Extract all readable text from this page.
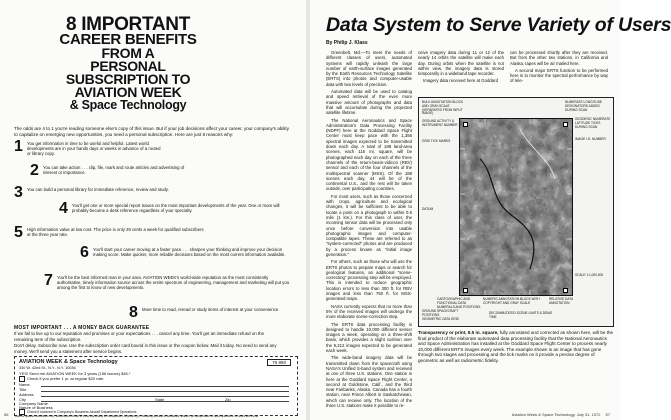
8 IMPORTANT
CAREER BENEFITS
FROM A
PERSONAL
SUBSCRIPTION TO
AVIATION WEEK
& Space Technology
The odds are 4 to 1 you're reading someone else's copy of this issue. But if your job decisions affect your career, your company's ability to capitalize on emerging new opportunities, you need a personal subscription. Here are just 8 reasons why:
1 You get information in time to be useful and helpful. Latest world developments are in your hands days or weeks in advance of a routed or library copy.
2 You can take action . . . clip, file, mark and route articles and advertising of interest or importance.
3 You can build a personal library for immediate reference, review and study.
4 You'll get one or more special report issues on the most important developments of the year. One or more will probably become a desk reference regardless of your specialty.
5 High information value at low cost. The price is only 29 cents a week for qualified subscribers at the three year rate.
6 You'll start your career moving at a faster pace . . . sharpen your thinking and improve your decision making score. Make quicker, more reliable decisions based on the most current information available.
7 You'll be the best informed man in your area. AVIATION WEEK's world-wide reputation as the most consistently authoritative, timely information source across the entire spectrum of engineering, management and marketing will put you among the first to know of new developments.
8 More time to read, reread or study items of interest at your convenience.
MOST IMPORTANT . . . A MONEY BACK GUARANTEE
If we fail to live up to our reputation and promises or your expectations . . . cancel any time. You'll get an immediate refund on the remaining term of the subscription.
Don't delay. Subscribe now. Use the subscription order card bound in this issue or the coupon below. Mail it today. No need to send any money. We'll send you a statement after service begins.
AVIATION WEEK & Space Technology	75 850
330 W. 42nd St., N.Y., N.Y. 10036
YES! Send me AVIATION WEEK for 3 years (156 issues) $45.*
Check if you prefer 1 yr. at regular $20 rate.
Name
Title
Address
City	State	Zip
Company Name
Nature of Business
Check if involved in Company's Business Aircraft Department Operations
*Rate for qualified subscribers only. Subscriptions limited to those responsible for management, engineering or marketing activities of aerospace, aviation, air transportation or allied operations. All others $26 a year.
56
Data System to Serve Variety of Users
By Philip J. Klass

Greenbelt, Md.—To meet the needs of different classes of users, automated systems will rapidly unleash the large number of earth-surface images generated by the Earth Resources Technology Satellite (ERTS) into photos and computer-usable data with two levels of precision.

Automated data will be used to catalog and speed retrieval of the even more massive amount of photographs and data that will accumulate during the projected satellite lifetime.

The National Aeronautics and Space Administration's Data Processing Facility (NDPF) here at the Goddard Space Flight Center must keep pace with the 1,356 spectral images expected to be transmitted down each day. A total of 188 land-area scenes, each 115 mi. square, will be photographed each day on each of the three channels of the return-beam-vidicon (RBV) sensor and each of the four channels of the multispectral scanner (MSS). Of the 188 scenes each day, 44 will be of the continental U.S., and the rest will be taken outside, over participating countries.

For most users, such as those concerned with crops, agriculture and ecological changes, it will be sufficient to be able to locate a point on a photograph to within 0.6 mile (1 km.). For this class of user, the incoming sensor data will be processed only once before conversion into usable photographic images and computer-compatible tapes. These are referred to as "system-corrected" photos and are produced by a process known as "initial image generation."

For others, such as those who will use the ERTS photos to prepare maps or search for geological features, an additional "scene-correcting" processing step will be employed. This is intended to reduce geographic location errors to less than 300 ft. for RBV images and less than 750 ft. for MSS-generated maps.

NASA currently expects that no more than 5% of the received images will undergo the more elaborate scene-correction step.

The ERTS data processing facility is designed to handle 10,000 different sensor images a week, operating on a three-shift basis, which provides a slight cushion over the 9,212 images expected to be generated each week.

The wide-band imagery data will be transmitted down from the spacecraft using NASA's Unified S-band system and received at one of three U.S. stations. One station is here at the Goddard Space Flight Center, a second at Goldstone, Calif., and the third near Fairbanks, Alaska. Canada has a fourth station, near Prince Albert in Saskatchewan, which can receive only. The location of the three U.S. stations make it possible to re-

ceive imagery data during 11 or 12 of the nearly 14 orbits the satellite will make each day. During orbits when the satellite is not within view, the imagery data is stored temporarily in a wideband tape recorder.

Imagery data received here at Goddard

can be processed shortly after they are received. But from the other two stations, in California and Alaska, tapes will be air mailed here.

A second major ERTS function to be performed here is to monitor the spectral performance by way of tele-

BULK ANNOTATION BLOCK AND GRAY-SCALE (SEPARATED FROM INPUT IMAGE)
GROUND ACTIVITY & INSTRUMENT NUMBER
GRID TICK MARKS
NUMERATE LONGITUDE DESIGNATORS ADDED DURING SCAN
GEODESIC NUMERATE LATITUDE TICKS DURING SCAN
IMAGE I.D. NUMBER
DATUM
SCALE 1:1,000,000
CARTOGRAPHIC AND FUNCTIONAL DATA NUMERALS AND POSITIONS
NUMERIC ANNOTATION BLOCK WITH COPYRIGHT AND GRAY SCALE
RELATIVE DATA ANNOTATION
GROUND SPACECRAFT POSITIONS
GEOMETRIC DATA GRID
DECOMMUTATED SCENE LIMITS & DEMO TIME
Transparency or print, 9.5 in. square, fully annotated and corrected as shown here, will be the final product of the elaborate automated data processing facility that the National Aeronautics and Space Administration has installed at the Goddard Space Flight Center to process nearly 10,000 different ERTS images every week. The example shown is an image that has gone through two stages and processing and the tick marks on it provide a precise degree of geometric as well as radiometric fidelity.
Aviation Week & Space Technology, July 31, 1972 57
